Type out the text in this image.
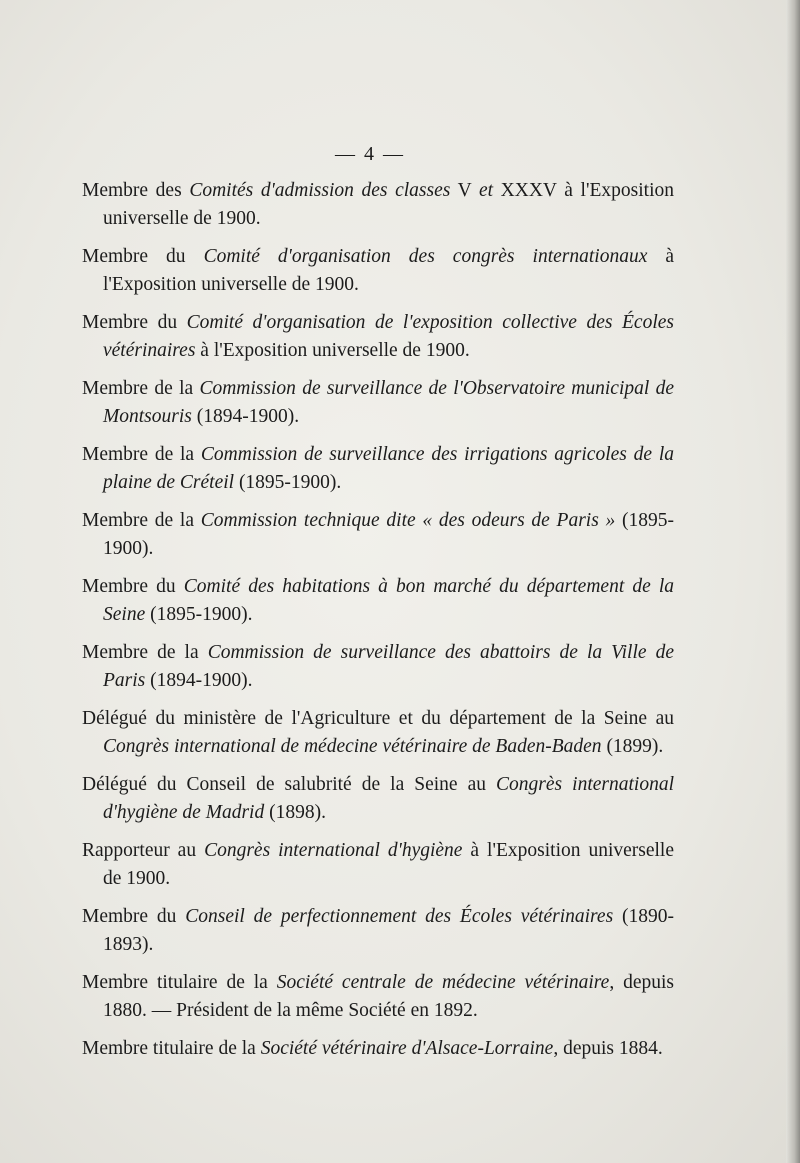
— 4 —

Membre des Comités d'admission des classes V et XXXV à l'Exposition universelle de 1900.

Membre du Comité d'organisation des congrès internationaux à l'Exposition universelle de 1900.

Membre du Comité d'organisation de l'exposition collective des Écoles vétérinaires à l'Exposition universelle de 1900.

Membre de la Commission de surveillance de l'Observatoire municipal de Montsouris (1894-1900).

Membre de la Commission de surveillance des irrigations agricoles de la plaine de Créteil (1895-1900).

Membre de la Commission technique dite « des odeurs de Paris » (1895-1900).

Membre du Comité des habitations à bon marché du département de la Seine (1895-1900).

Membre de la Commission de surveillance des abattoirs de la Ville de Paris (1894-1900).

Délégué du ministère de l'Agriculture et du département de la Seine au Congrès international de médecine vétérinaire de Baden-Baden (1899).

Délégué du Conseil de salubrité de la Seine au Congrès international d'hygiène de Madrid (1898).

Rapporteur au Congrès international d'hygiène à l'Exposition universelle de 1900.

Membre du Conseil de perfectionnement des Écoles vétérinaires (1890-1893).

Membre titulaire de la Société centrale de médecine vétérinaire, depuis 1880. — Président de la même Société en 1892.

Membre titulaire de la Société vétérinaire d'Alsace-Lorraine, depuis 1884.
